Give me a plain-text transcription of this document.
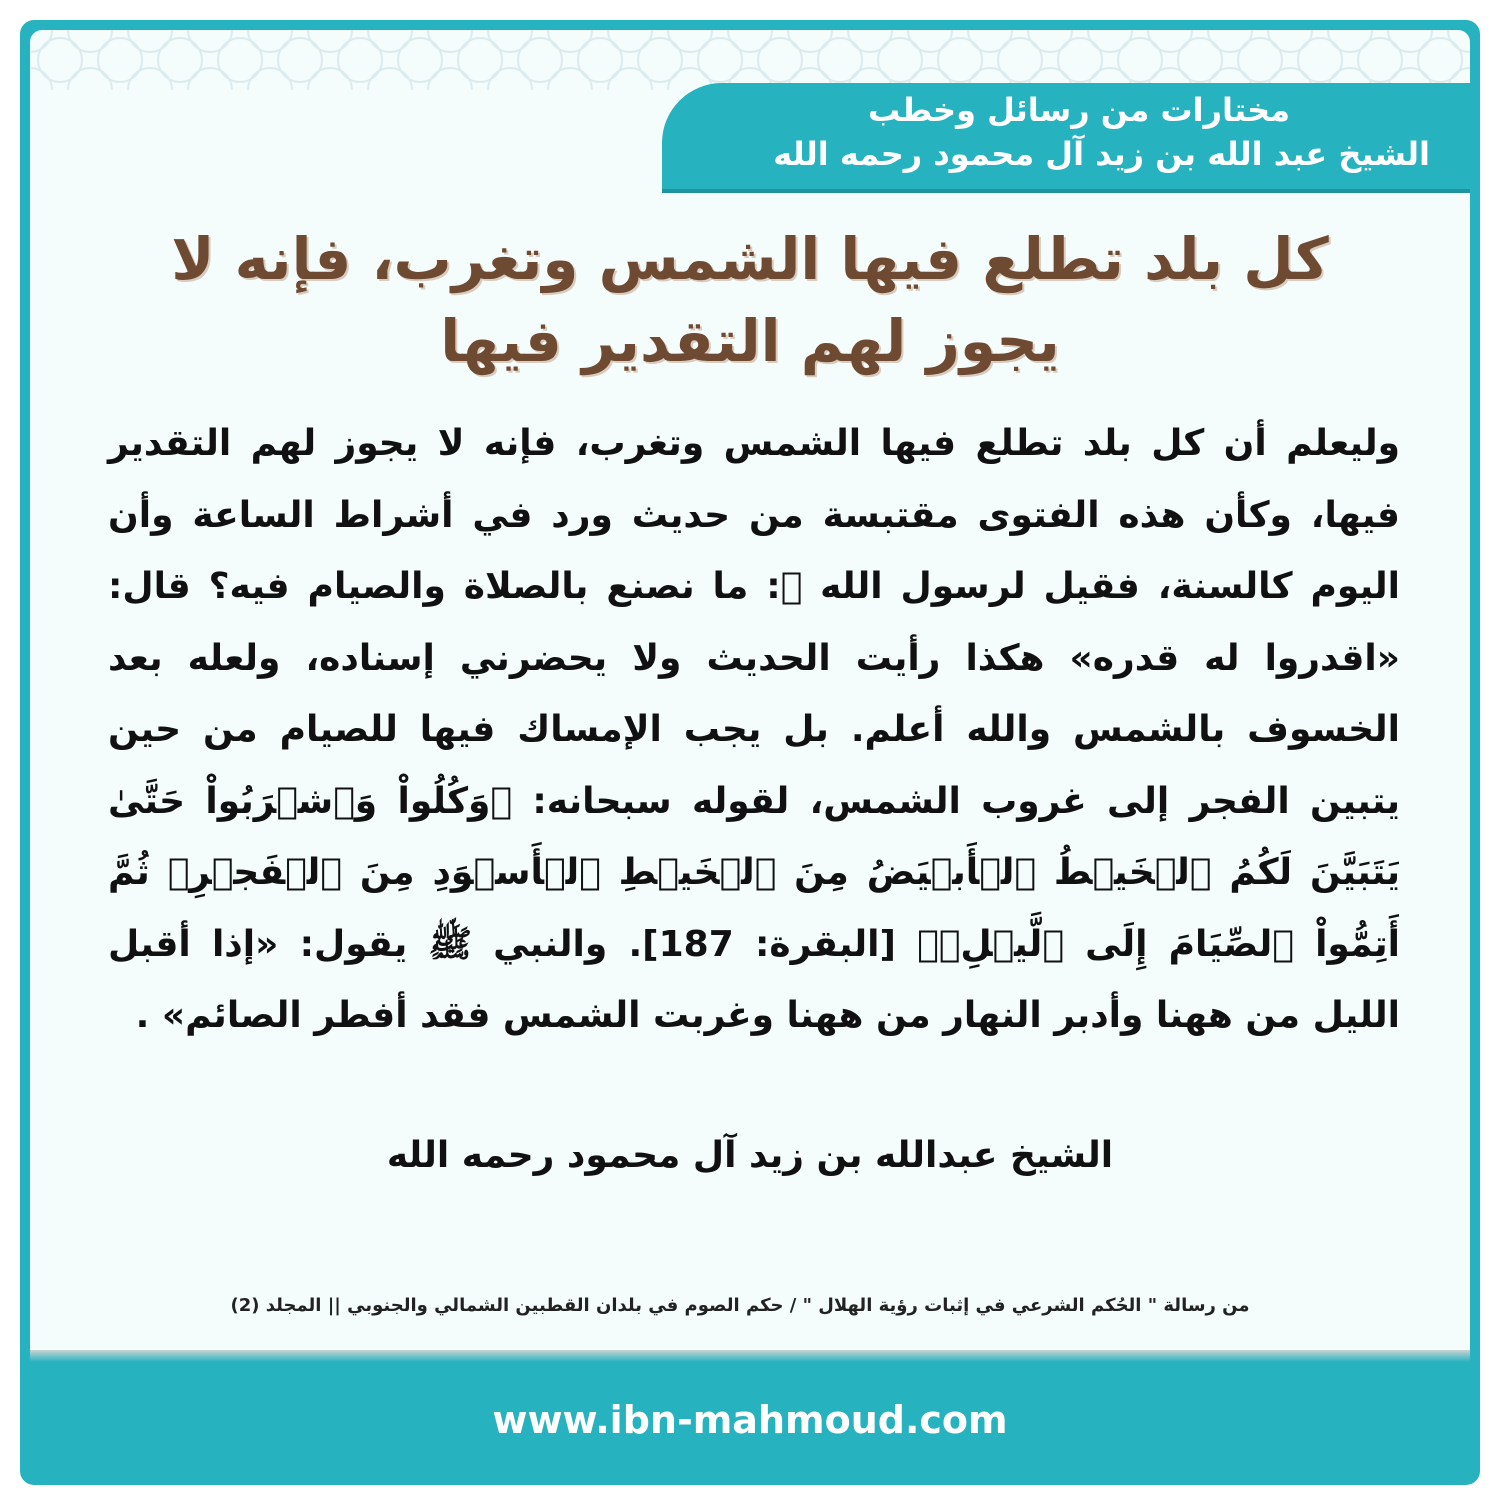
مختارات من رسائل وخطب
الشيخ عبد الله بن زيد آل محمود رحمه الله
كل بلد تطلع فيها الشمس وتغرب، فإنه لا يجوز لهم التقدير فيها

وليعلم أن كل بلد تطلع فيها الشمس وتغرب، فإنه لا يجوز لهم التقدير فيها، وكأن هذه الفتوى مقتبسة من حديث ورد في أشراط الساعة وأن اليوم كالسنة، فقيل لرسول الله ﷺ: ما نصنع بالصلاة والصيام فيه؟ قال: «اقدروا له قدره» هكذا رأيت الحديث ولا يحضرني إسناده، ولعله بعد الخسوف بالشمس والله أعلم. بل يجب الإمساك فيها للصيام من حين يتبين الفجر إلى غروب الشمس، لقوله سبحانه: ﴿وَكُلُواْ وَٱشۡرَبُواْ حَتَّىٰ يَتَبَيَّنَ لَكُمُ ٱلۡخَيۡطُ ٱلۡأَبۡيَضُ مِنَ ٱلۡخَيۡطِ ٱلۡأَسۡوَدِ مِنَ ٱلۡفَجۡرِۖ ثُمَّ أَتِمُّواْ ٱلصِّيَامَ إِلَى ٱلَّيۡلِۚ﴾ [البقرة: 187]. والنبي ﷺ يقول: «إذا أقبل الليل من ههنا وأدبر النهار من ههنا وغربت الشمس فقد أفطر الصائم» .

الشيخ عبدالله بن زيد آل محمود رحمه الله
من رسالة " الحُكم الشرعي في إثبات رؤية الهلال " / حكم الصوم في بلدان القطبين الشمالي والجنوبي || المجلد (2)
www.ibn-mahmoud.com
